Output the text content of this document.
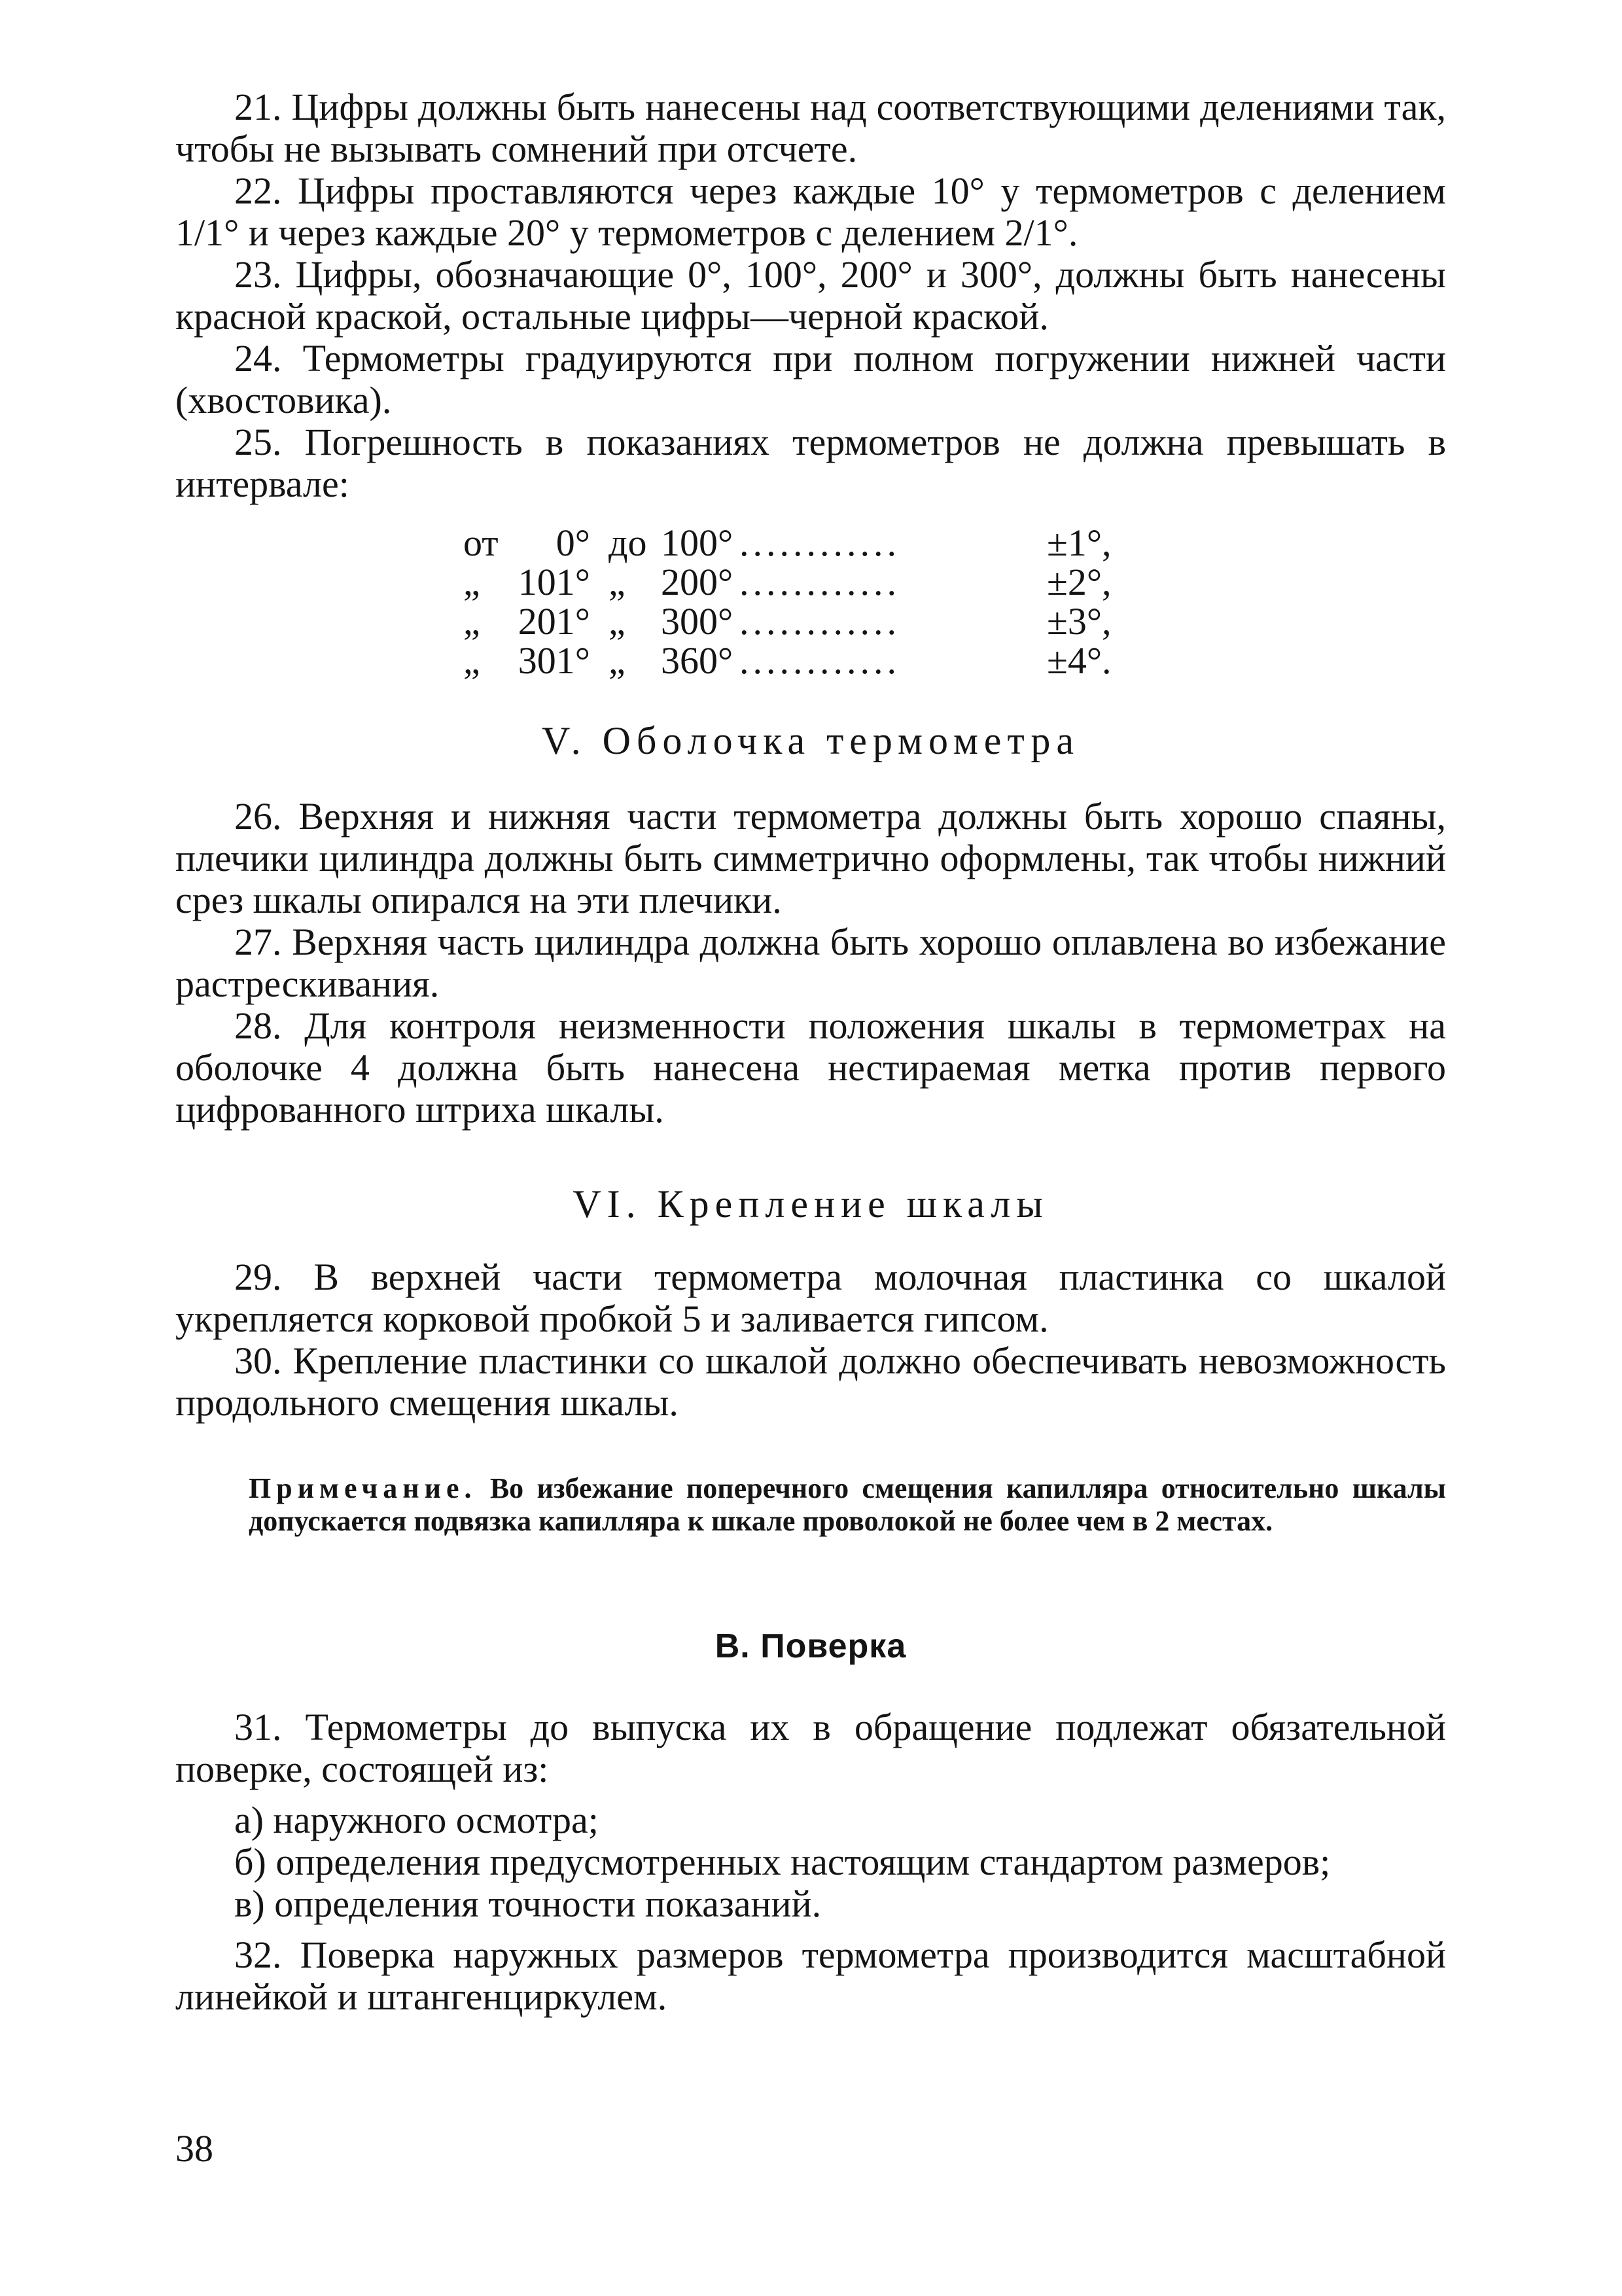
21. Цифры должны быть нанесены над соответствующими делениями так, чтобы не вызывать сомнений при отсчете.

22. Цифры проставляются через каждые 10° у термометров с делением 1/1° и через каждые 20° у термометров с делением 2/1°.

23. Цифры, обозначающие 0°, 100°, 200° и 300°, должны быть нанесены красной краской, остальные цифры—черной краской.

24. Термометры градуируются при полном погружении нижней части (хвостовика).

25. Погрешность в показаниях термометров не должна превышать в интервале:

от	0°	до	100°	............	±1°,
„	101°	„	200°	............	±2°,
„	201°	„	300°	............	±3°,
„	301°	„	360°	............	±4°.

V. Оболочка термометра

26. Верхняя и нижняя части термометра должны быть хорошо спаяны, плечики цилиндра должны быть симметрично оформлены, так чтобы нижний срез шкалы опирался на эти плечики.

27. Верхняя часть цилиндра должна быть хорошо оплавлена во избежание растрескивания.

28. Для контроля неизменности положения шкалы в термометрах на оболочке 4 должна быть нанесена нестираемая метка против первого цифрованного штриха шкалы.

VI. Крепление шкалы

29. В верхней части термометра молочная пластинка со шкалой укрепляется корковой пробкой 5 и заливается гипсом.

30. Крепление пластинки со шкалой должно обеспечивать невозможность продольного смещения шкалы.

Примечание. Во избежание поперечного смещения капилляра относительно шкалы допускается подвязка капилляра к шкале проволокой не более чем в 2 местах.

В. Поверка

31. Термометры до выпуска их в обращение подлежат обязательной поверке, состоящей из:

а) наружного осмотра;

б) определения предусмотренных настоящим стандартом размеров;

в) определения точности показаний.

32. Поверка наружных размеров термометра производится масштабной линейкой и штангенциркулем.

38
